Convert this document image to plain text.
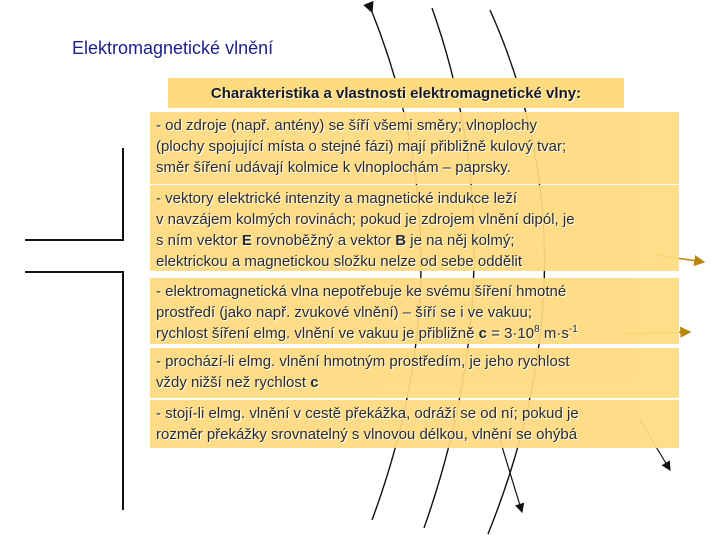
Elektromagnetické vlnění
Charakteristika a vlastnosti elektromagnetické vlny:
- od zdroje (např. antény) se šíří všemi směry; vlnoplochy
(plochy spojující místa o stejné fázi) mají přibližně kulový tvar;
směr šíření udávají kolmice k vlnoplochám – paprsky.
- vektory elektrické intenzity a magnetické indukce leží
v navzájem kolmých rovinách; pokud je zdrojem vlnění dipól, je
s ním vektor E rovnoběžný a vektor B je na něj kolmý;
elektrickou a magnetickou složku nelze od sebe oddělit
- elektromagnetická vlna nepotřebuje ke svému šíření hmotné
prostředí (jako např. zvukové vlnění) – šíří se i ve vakuu;
rychlost šíření elmg. vlnění ve vakuu je přibližně $c = 3\cdot 10^8$ $m\cdot s^{-1}$
- prochází-li elmg. vlnění hmotným prostředím, je jeho rychlost
vždy nižší než rychlost c
- stojí-li elmg. vlnění v cestě překážka, odráží se od ní; pokud je
rozměr překážky srovnatelný s vlnovou délkou, vlnění se ohýbá
